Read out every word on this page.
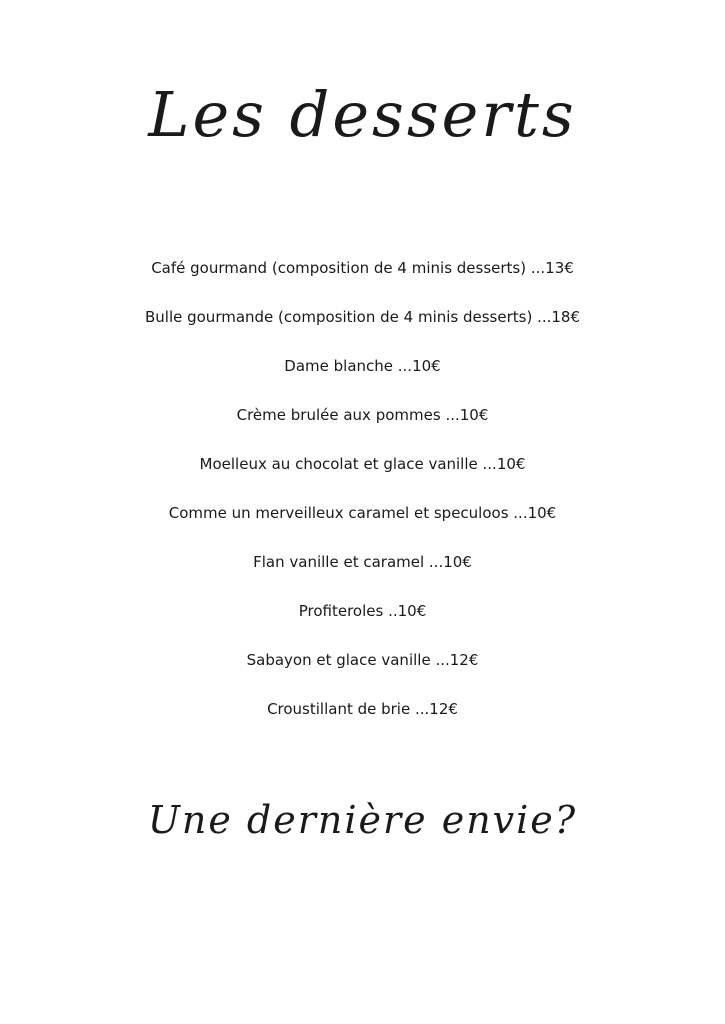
Les desserts
Café gourmand (composition de 4 minis desserts) ...13€
Bulle gourmande (composition de 4 minis desserts) ...18€
Dame blanche ...10€
Crème brulée aux pommes ...10€
Moelleux au chocolat et glace vanille ...10€
Comme un merveilleux caramel et speculoos ...10€
Flan vanille et caramel ...10€
Profiteroles ..10€
Sabayon et glace vanille ...12€
Croustillant de brie ...12€

Une dernière envie?
